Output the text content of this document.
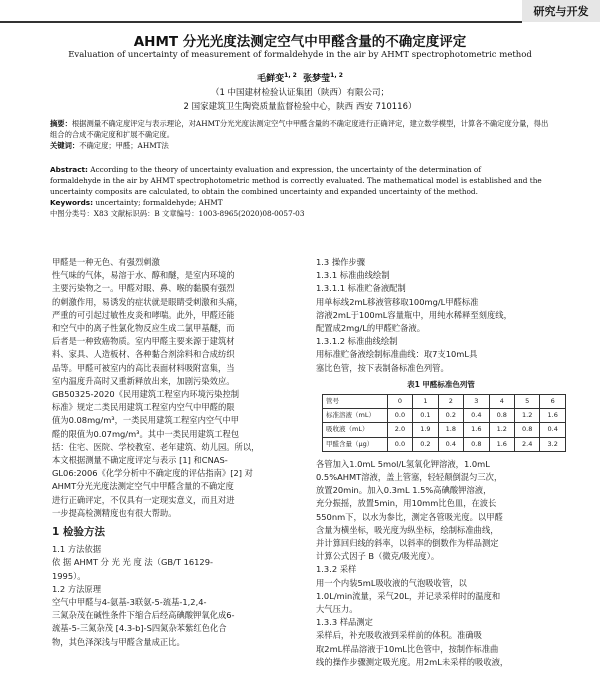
研究与开发
AHMT 分光光度法测定空气中甲醛含量的不确定度评定
Evaluation of uncertainty of measurement of formaldehyde in the air by AHMT spectrophotometric method
毛鲜变$^{1, 2}$ 张梦莹$^{1, 2}$
（1 中国建材检验认证集团（陕西）有限公司；
2 国家建筑卫生陶瓷质量监督检验中心，陕西 西安 710116）
摘要：根据测量不确定度评定与表示理论，对AHMT分光光度法测定空气中甲醛含量的不确定度进行正确评定，建立数学模型，计算各不确定度分量，得出组合的合成不确定度和扩展不确定度。
关键词：不确定度；甲醛；AHMT法
Abstract: According to the theory of uncertainty evaluation and expression, the uncertainty of the determination of
formaldehyde in the air by AHMT spectrophotometric method is correctly evaluated. The mathematical model is established and the
uncertainty composits are calculated, to obtain the combined uncertainty and expanded uncertainty of the method.
Keywords: uncertainty; formaldehyde; AHMT
中图分类号：X83 文献标识码：B 文章编号：1003-8965(2020)08-0057-03

甲醛是一种无色、有强烈刺激

性气味的气体，易溶于水、醇和醚，是室内环境的

主要污染物之一。甲醛对眼、鼻、喉的黏膜有强烈

的刺激作用，易诱发的症状就是眼睛受刺激和头痛，

严重的可引起过敏性皮炎和哮喘。此外，甲醛还能

和空气中的离子性氯化物反应生成二氯甲基醚，而

后者是一种致癌物质。室内甲醛主要来源于建筑材

料、家具、人造板材、各种黏合剂涂料和合成纺织

品等。甲醛可被室内的高比表面材料吸附富集，当

室内温度升高时又重新释放出来，加剧污染效应。

GB50325-2020《民用建筑工程室内环境污染控制

标准》规定二类民用建筑工程室内空气中甲醛的限

值为0.08mg/m³，一类民用建筑工程室内空气中甲

醛的限值为0.07mg/m³。其中一类民用建筑工程包

括：住宅、医院、学校教室、老年建筑、幼儿园。所以，

本文根据测量不确定度评定与表示 [1] 和CNAS-

GL06:2006《化学分析中不确定度的评估指南》[2] 对

AHMT分光光度法测定空气中甲醛含量的不确定度

进行正确评定，不仅具有一定现实意义，而且对进

一步提高检测精度也有很大帮助。

1 检验方法

1.1 方法依据

依 据 AHMT 分 光 光 度 法（GB/T 16129-

1995）。

1.2 方法原理

空气中甲醛与4-氨基-3联氨-5-巯基-1,2,4-

三氮杂茂在碱性条件下缩合后经高碘酸钾氧化成6-

巯基-5-三氮杂茂 [4.3-b]-S四氮杂苯紫红色化合

物，其色泽深浅与甲醛含量成正比。

1.3 操作步骤

1.3.1 标准曲线绘制

1.3.1.1 标准贮备液配制

用单标线2mL移液管移取100mg/L甲醛标准

溶液2mL于100mL容量瓶中，用纯水稀释至刻度线，

配置成2mg/L的甲醛贮备液。

1.3.1.2 标准曲线绘制

用标准贮备液绘制标准曲线：取7支10mL具

塞比色管，按下表制备标准色列管。

表1 甲醛标准色列管

管号	0	1	2	3	4	5	6
标准溶液（mL）	0.0	0.1	0.2	0.4	0.8	1.2	1.6
吸收液（mL）	2.0	1.9	1.8	1.6	1.2	0.8	0.4
甲醛含量（μg）	0.0	0.2	0.4	0.8	1.6	2.4	3.2

各管加入1.0mL 5mol/L氢氧化钾溶液，1.0mL

0.5%AHMT溶液，盖上管塞，轻轻颠倒混匀三次，

放置20min。加入0.3mL 1.5%高碘酸钾溶液，

充分振摇，放置5min，用10mm比色皿，在波长

550nm下，以水为参比，测定各管吸光度。以甲醛

含量为横坐标，吸光度为纵坐标，绘制标准曲线，

并计算回归线的斜率，以斜率的倒数作为样品测定

计算公式因子 B（微克/吸光度）。

1.3.2 采样

用一个内装5mL吸收液的气泡吸收管，以

1.0L/min流量，采气20L，并记录采样时的温度和

大气压力。

1.3.3 样品测定

采样后，补充吸收液到采样前的体积。准确吸

取2mL样品溶液于10mL比色管中，按制作标准曲

线的操作步骤测定吸光度。用2mL未采样的吸收液，
